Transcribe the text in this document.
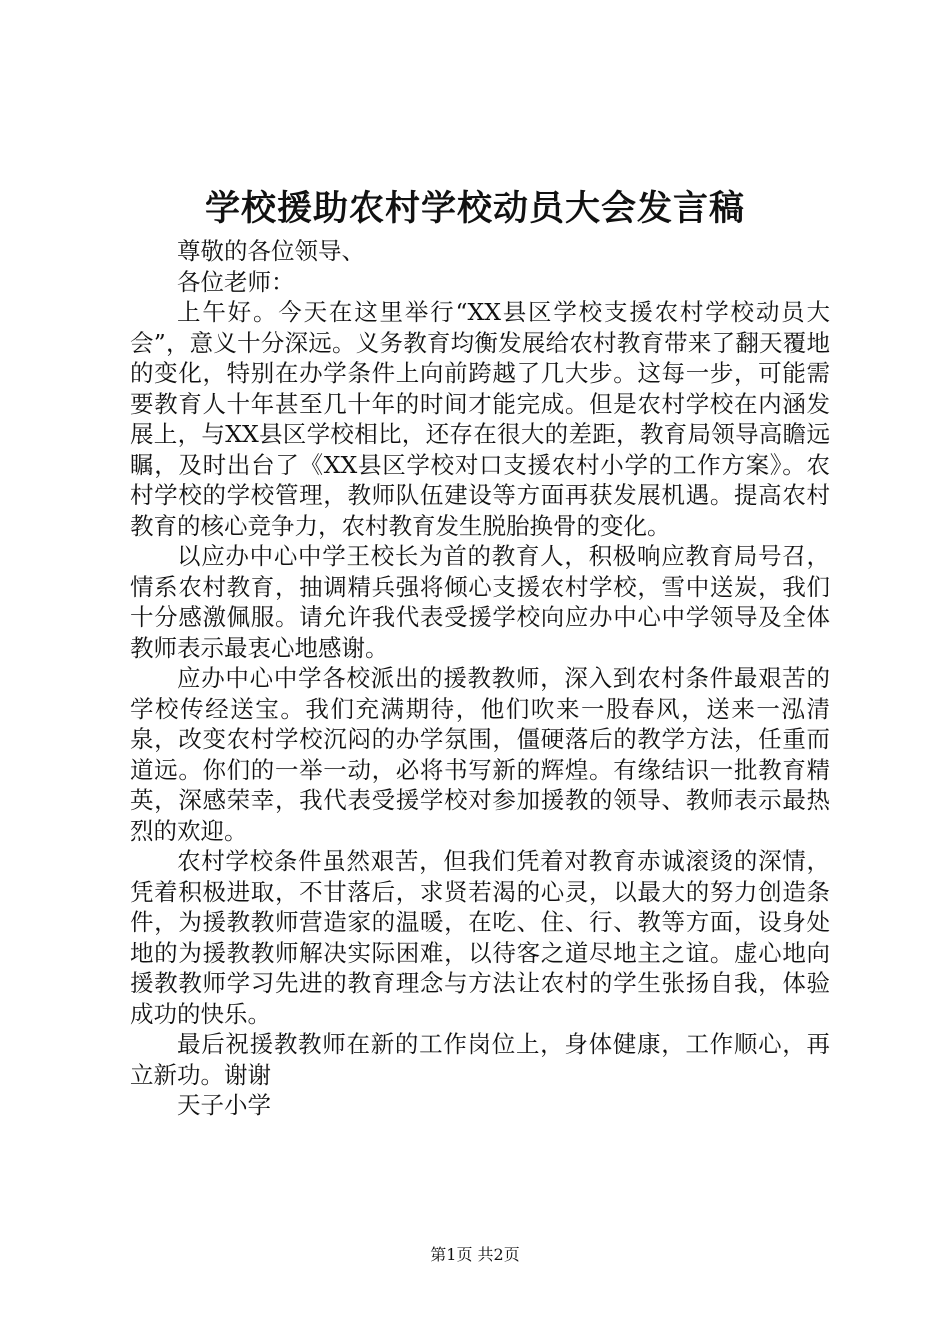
学校援助农村学校动员大会发言稿

尊敬的各位领导、

各位老师：

上午好。今天在这里举行“XX县区学校支援农村学校动员大会”，意义十分深远。义务教育均衡发展给农村教育带来了翻天覆地的变化，特别在办学条件上向前跨越了几大步。这每一步，可能需要教育人十年甚至几十年的时间才能完成。但是农村学校在内涵发展上，与XX县区学校相比，还存在很大的差距，教育局领导高瞻远瞩，及时出台了《XX县区学校对口支援农村小学的工作方案》。农村学校的学校管理，教师队伍建设等方面再获发展机遇。提高农村教育的核心竞争力，农村教育发生脱胎换骨的变化。

以应办中心中学王校长为首的教育人，积极响应教育局号召，情系农村教育，抽调精兵强将倾心支援农村学校，雪中送炭，我们十分感激佩服。请允许我代表受援学校向应办中心中学领导及全体教师表示最衷心地感谢。

应办中心中学各校派出的援教教师，深入到农村条件最艰苦的学校传经送宝。我们充满期待，他们吹来一股春风，送来一泓清泉，改变农村学校沉闷的办学氛围，僵硬落后的教学方法，任重而道远。你们的一举一动，必将书写新的辉煌。有缘结识一批教育精英，深感荣幸，我代表受援学校对参加援教的领导、教师表示最热烈的欢迎。

农村学校条件虽然艰苦，但我们凭着对教育赤诚滚烫的深情，凭着积极进取，不甘落后，求贤若渴的心灵，以最大的努力创造条件，为援教教师营造家的温暖，在吃、住、行、教等方面，设身处地的为援教教师解决实际困难，以待客之道尽地主之谊。虚心地向援教教师学习先进的教育理念与方法让农村的学生张扬自我，体验成功的快乐。

最后祝援教教师在新的工作岗位上，身体健康，工作顺心，再立新功。谢谢

天子小学

第1页 共2页
